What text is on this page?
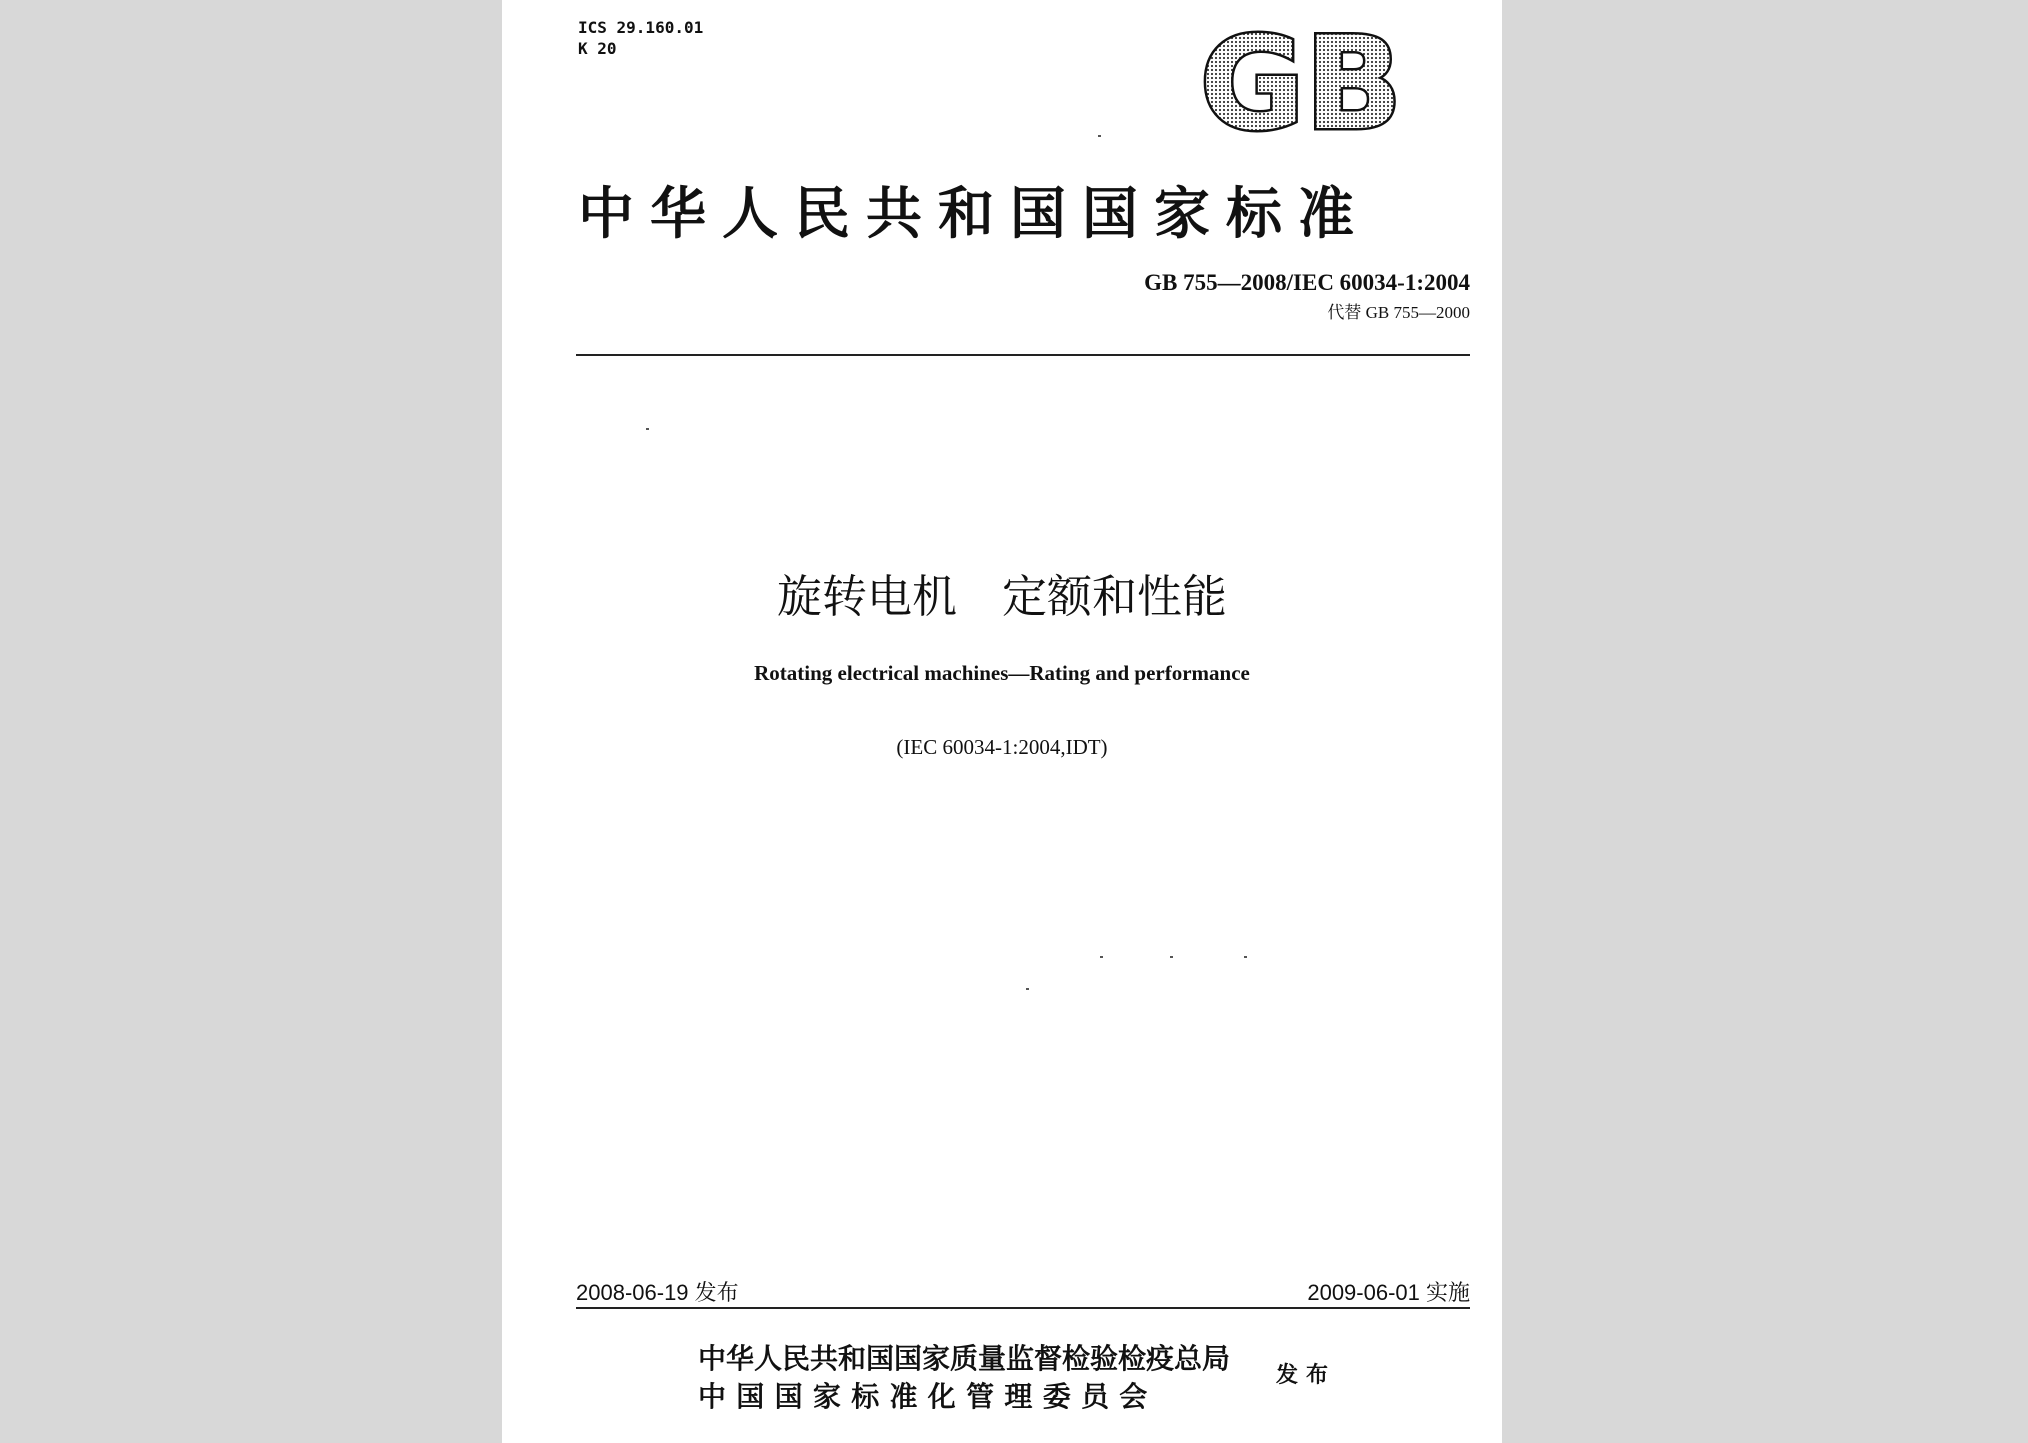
ICS 29.160.01
K 20	GB
中华人民共和国国家标准
GB 755—2008/IEC 60034-1:2004
代替 GB 755—2000
旋转电机　定额和性能
Rotating electrical machines—Rating and performance
(IEC 60034-1:2004,IDT)
2008-06-19 发布	2009-06-01 实施
中华人民共和国国家质量监督检验检疫总局
中国国家标准化管理委员会
发布
